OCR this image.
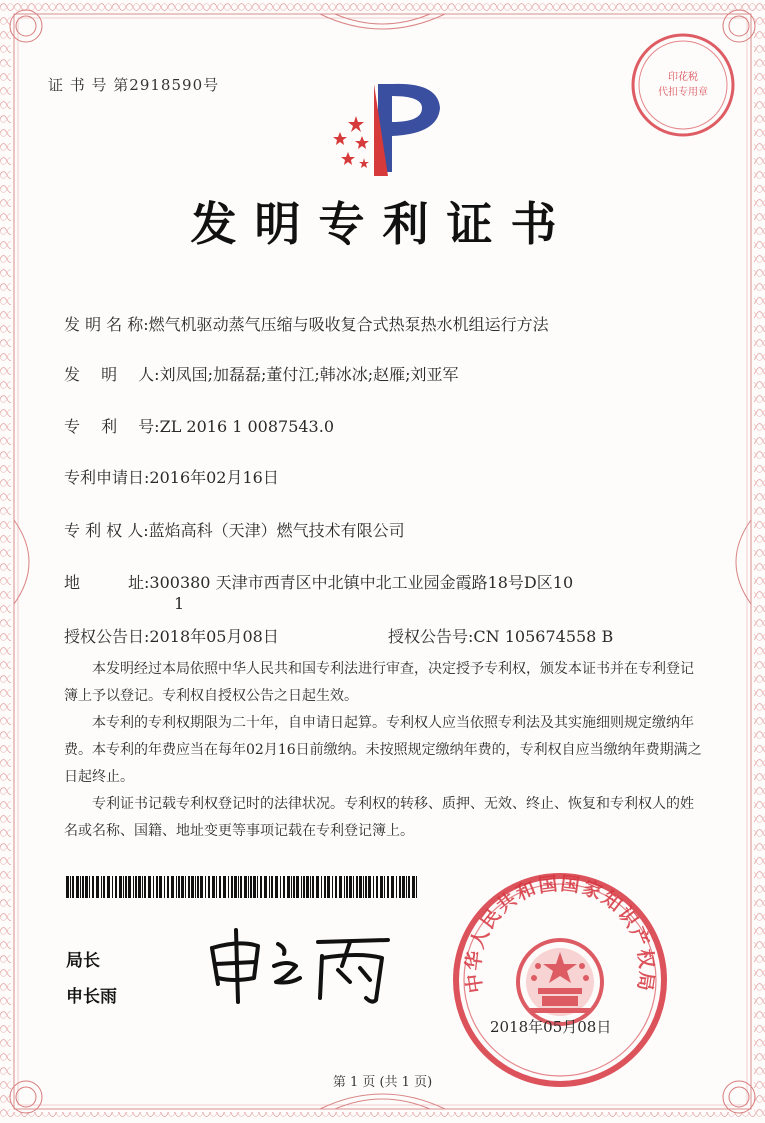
证 书 号 第2918590号	印花税
代扣专用章
发明专利证书
发 明 名 称:燃气机驱动蒸气压缩与吸收复合式热泵热水机组运行方法
发　 明　 人:刘凤国;加磊磊;董付江;韩冰冰;赵雁;刘亚军
专　 利　 号:ZL 2016 1 0087543.0
专利申请日:2016年02月16日
专 利 权 人:蓝焰高科（天津）燃气技术有限公司
地　　　址:300380 天津市西青区中北镇中北工业园金霞路18号D区10
1
授权公告日:2018年05月08日	授权公告号:CN 105674558 B

本发明经过本局依照中华人民共和国专利法进行审查，决定授予专利权，颁发本证书并在专利登记簿上予以登记。专利权自授权公告之日起生效。

本专利的专利权期限为二十年，自申请日起算。专利权人应当依照专利法及其实施细则规定缴纳年费。本专利的年费应当在每年02月16日前缴纳。未按照规定缴纳年费的，专利权自应当缴纳年费期满之日起终止。

专利证书记载专利权登记时的法律状况。专利权的转移、质押、无效、终止、恢复和专利权人的姓名或名称、国籍、地址变更等事项记载在专利登记簿上。

局长
申长雨
中华人民共和国国家知识产权局
2018年05月08日
第 1 页 (共 1 页)
